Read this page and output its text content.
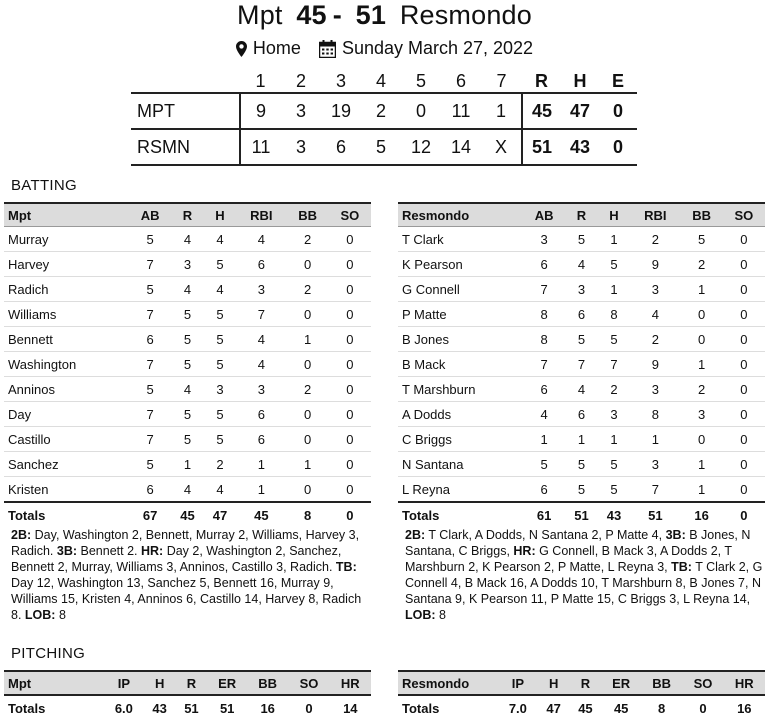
Mpt 45 - 51 Resmondo
Home Sunday March 27, 2022
	1	2	3	4	5	6	7	R	H	E
MPT	9	3	19	2	0	11	1	45	47	0
RSMN	11	3	6	5	12	14	X	51	43	0
BATTING
Mpt	AB	R	H	RBI	BB	SO
Murray	5	4	4	4	2	0
Harvey	7	3	5	6	0	0
Radich	5	4	4	3	2	0
Williams	7	5	5	7	0	0
Bennett	6	5	5	4	1	0
Washington	7	5	5	4	0	0
Anninos	5	4	3	3	2	0
Day	7	5	5	6	0	0
Castillo	7	5	5	6	0	0
Sanchez	5	1	2	1	1	0
Kristen	6	4	4	1	0	0
Totals	67	45	47	45	8	0
Resmondo	AB	R	H	RBI	BB	SO
T Clark	3	5	1	2	5	0
K Pearson	6	4	5	9	2	0
G Connell	7	3	1	3	1	0
P Matte	8	6	8	4	0	0
B Jones	8	5	5	2	0	0
B Mack	7	7	7	9	1	0
T Marshburn	6	4	2	3	2	0
A Dodds	4	6	3	8	3	0
C Briggs	1	1	1	1	0	0
N Santana	5	5	5	3	1	0
L Reyna	6	5	5	7	1	0
Totals	61	51	43	51	16	0
2B: Day, Washington 2, Bennett, Murray 2, Williams, Harvey 3, Radich. 3B: Bennett 2. HR: Day 2, Washington 2, Sanchez, Bennett 2, Murray, Williams 3, Anninos, Castillo 3, Radich. TB: Day 12, Washington 13, Sanchez 5, Bennett 16, Murray 9, Williams 15, Kristen 4, Anninos 6, Castillo 14, Harvey 8, Radich 8. LOB: 8
2B: T Clark, A Dodds, N Santana 2, P Matte 4, 3B: B Jones, N Santana, C Briggs, HR: G Connell, B Mack 3, A Dodds 2, T Marshburn 2, K Pearson 2, P Matte, L Reyna 3, TB: T Clark 2, G Connell 4, B Mack 16, A Dodds 10, T Marshburn 8, B Jones 7, N Santana 9, K Pearson 11, P Matte 15, C Briggs 3, L Reyna 14, LOB: 8
PITCHING
Mpt	IP	H	R	ER	BB	SO	HR
Totals	6.0	43	51	51	16	0	14
Resmondo	IP	H	R	ER	BB	SO	HR
Totals	7.0	47	45	45	8	0	16
